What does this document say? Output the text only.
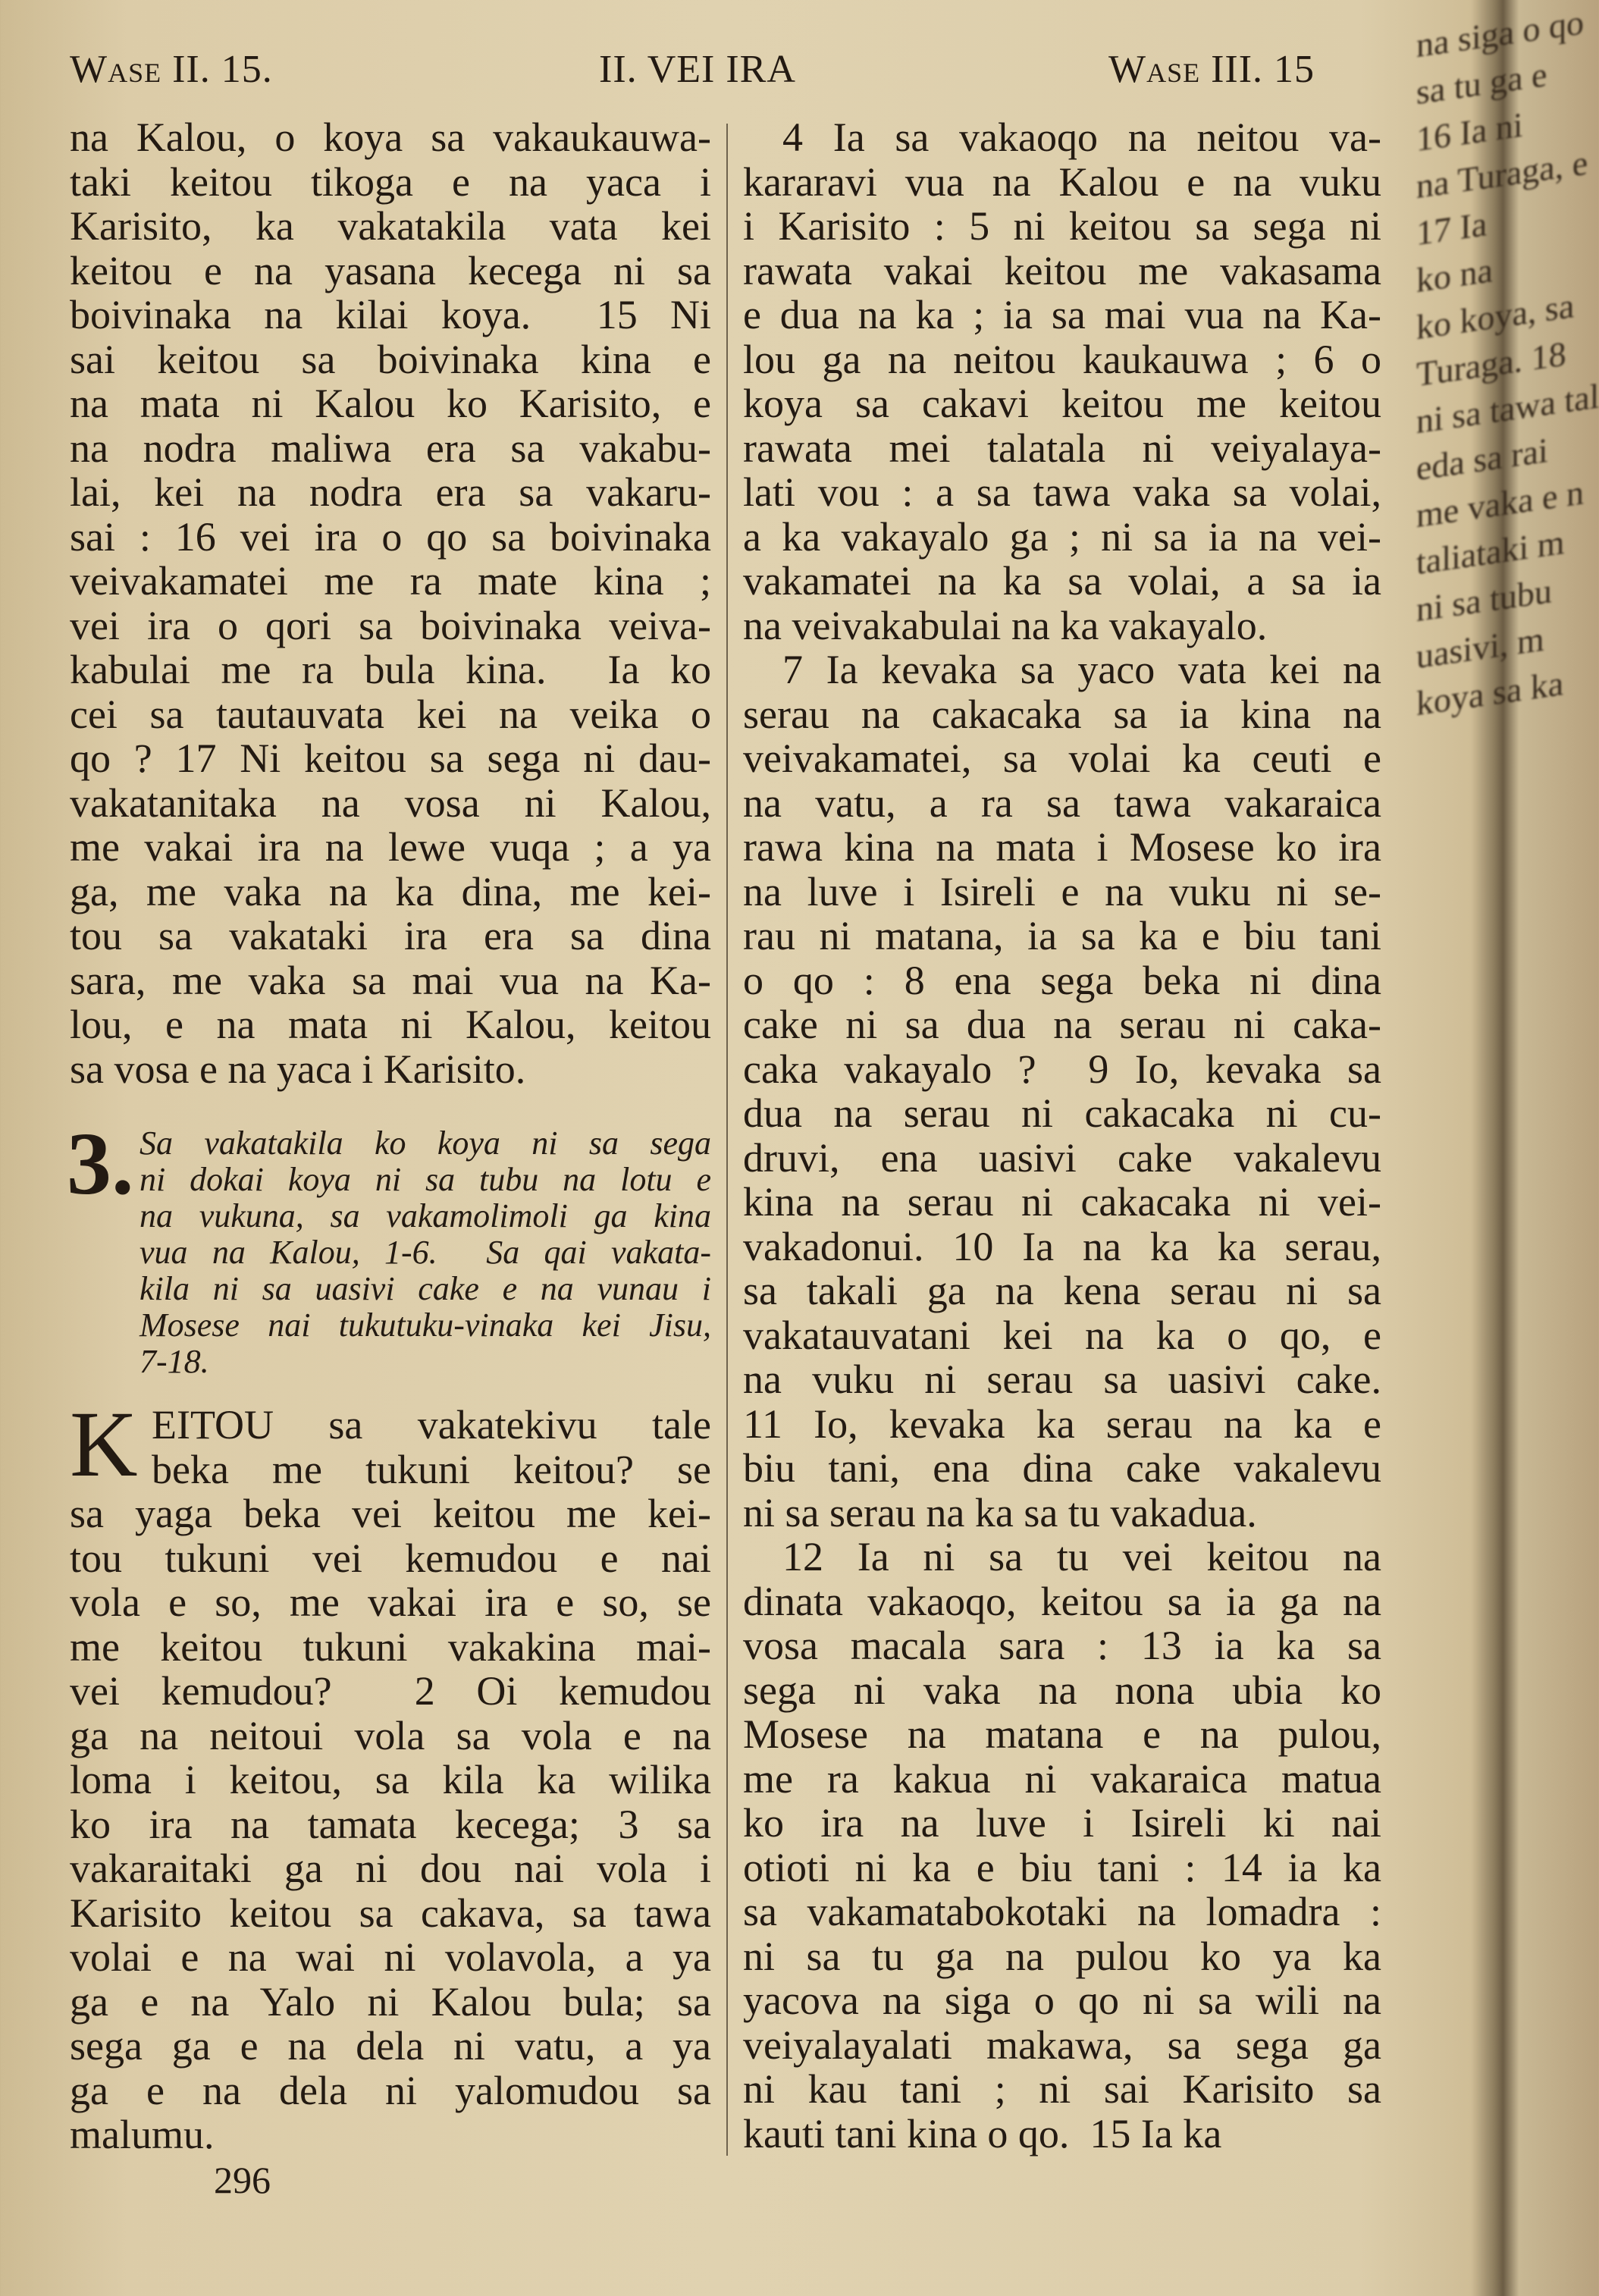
Wase II. 15.	II. VEI IRA	Wase III. 15
na Kalou, o koya sa vakaukauwa-
taki keitou tikoga e na yaca i
Karisito, ka vakatakila vata kei
keitou e na yasana kecega ni sa
boivinaka na kilai koya.  15 Ni
sai keitou sa boivinaka kina e
na mata ni Kalou ko Karisito, e
na nodra maliwa era sa vakabu-
lai, kei na nodra era sa vakaru-
sai : 16 vei ira o qo sa boivinaka
veivakamatei me ra mate kina ;
vei ira o qori sa boivinaka veiva-
kabulai me ra bula kina.  Ia ko
cei sa tautauvata kei na veika o
qo ? 17 Ni keitou sa sega ni dau-
vakatanitaka na vosa ni Kalou,
me vakai ira na lewe vuqa ; a ya
ga, me vaka na ka dina, me kei-
tou sa vakataki ira era sa dina
sara, me vaka sa mai vua na Ka-
lou, e na mata ni Kalou, keitou
sa vosa e na yaca i Karisito.
3. Sa vakatakila ko koya ni sa sega
ni dokai koya ni sa tubu na lotu e
na vukuna, sa vakamolimoli ga kina
vua na Kalou, 1-6.  Sa qai vakata-
kila ni sa uasivi cake e na vunau i
Mosese nai tukutuku-vinaka kei Jisu,
7-18.
K EITOU sa vakatekivu tale
beka me tukuni keitou? se
sa yaga beka vei keitou me kei-
tou tukuni vei kemudou e nai
vola e so, me vakai ira e so, se
me keitou tukuni vakakina mai-
vei kemudou?  2 Oi kemudou
ga na neitoui vola sa vola e na
loma i keitou, sa kila ka wilika
ko ira na tamata kecega; 3 sa
vakaraitaki ga ni dou nai vola i
Karisito keitou sa cakava, sa tawa
volai e na wai ni volavola, a ya
ga e na Yalo ni Kalou bula; sa
sega ga e na dela ni vatu, a ya
ga e na dela ni yalomudou sa
malumu.
296
4 Ia sa vakaoqo na neitou va-
kararavi vua na Kalou e na vuku
i Karisito : 5 ni keitou sa sega ni
rawata vakai keitou me vakasama
e dua na ka ; ia sa mai vua na Ka-
lou ga na neitou kaukauwa ; 6 o
koya sa cakavi keitou me keitou
rawata mei talatala ni veiyalaya-
lati vou : a sa tawa vaka sa volai,
a ka vakayalo ga ; ni sa ia na vei-
vakamatei na ka sa volai, a sa ia
na veivakabulai na ka vakayalo.
7 Ia kevaka sa yaco vata kei na
serau na cakacaka sa ia kina na
veivakamatei, sa volai ka ceuti e
na vatu, a ra sa tawa vakaraica
rawa kina na mata i Mosese ko ira
na luve i Isireli e na vuku ni se-
rau ni matana, ia sa ka e biu tani
o qo : 8 ena sega beka ni dina
cake ni sa dua na serau ni caka-
caka vakayalo ?  9 Io, kevaka sa
dua na serau ni cakacaka ni cu-
druvi, ena uasivi cake vakalevu
kina na serau ni cakacaka ni vei-
vakadonui. 10 Ia na ka ka serau,
sa takali ga na kena serau ni sa
vakatauvatani kei na ka o qo, e
na vuku ni serau sa uasivi cake.
11 Io, kevaka ka serau na ka e
biu tani, ena dina cake vakalevu
ni sa serau na ka sa tu vakadua.
12 Ia ni sa tu vei keitou na
dinata vakaoqo, keitou sa ia ga na
vosa macala sara : 13 ia ka sa
sega ni vaka na nona ubia ko
Mosese na matana e na pulou,
me ra kakua ni vakaraica matua
ko ira na luve i Isireli ki nai
otioti ni ka e biu tani : 14 ia ka
sa vakamatabokotaki na lomadra :
ni sa tu ga na pulou ko ya ka
yacova na siga o qo ni sa wili na
veiyalayalati makawa, sa sega ga
ni kau tani ; ni sai Karisito sa
kauti tani kina o qo.  15 Ia ka
na siga o qo
sa tu ga e
16 Ia ni
na Turaga, e
17 Ia
ko na
ko koya, sa
Turaga. 18
ni sa tawa tal
eda sa rai
me vaka e n
taliataki m
ni sa tubu
uasivi, m
koya sa ka
